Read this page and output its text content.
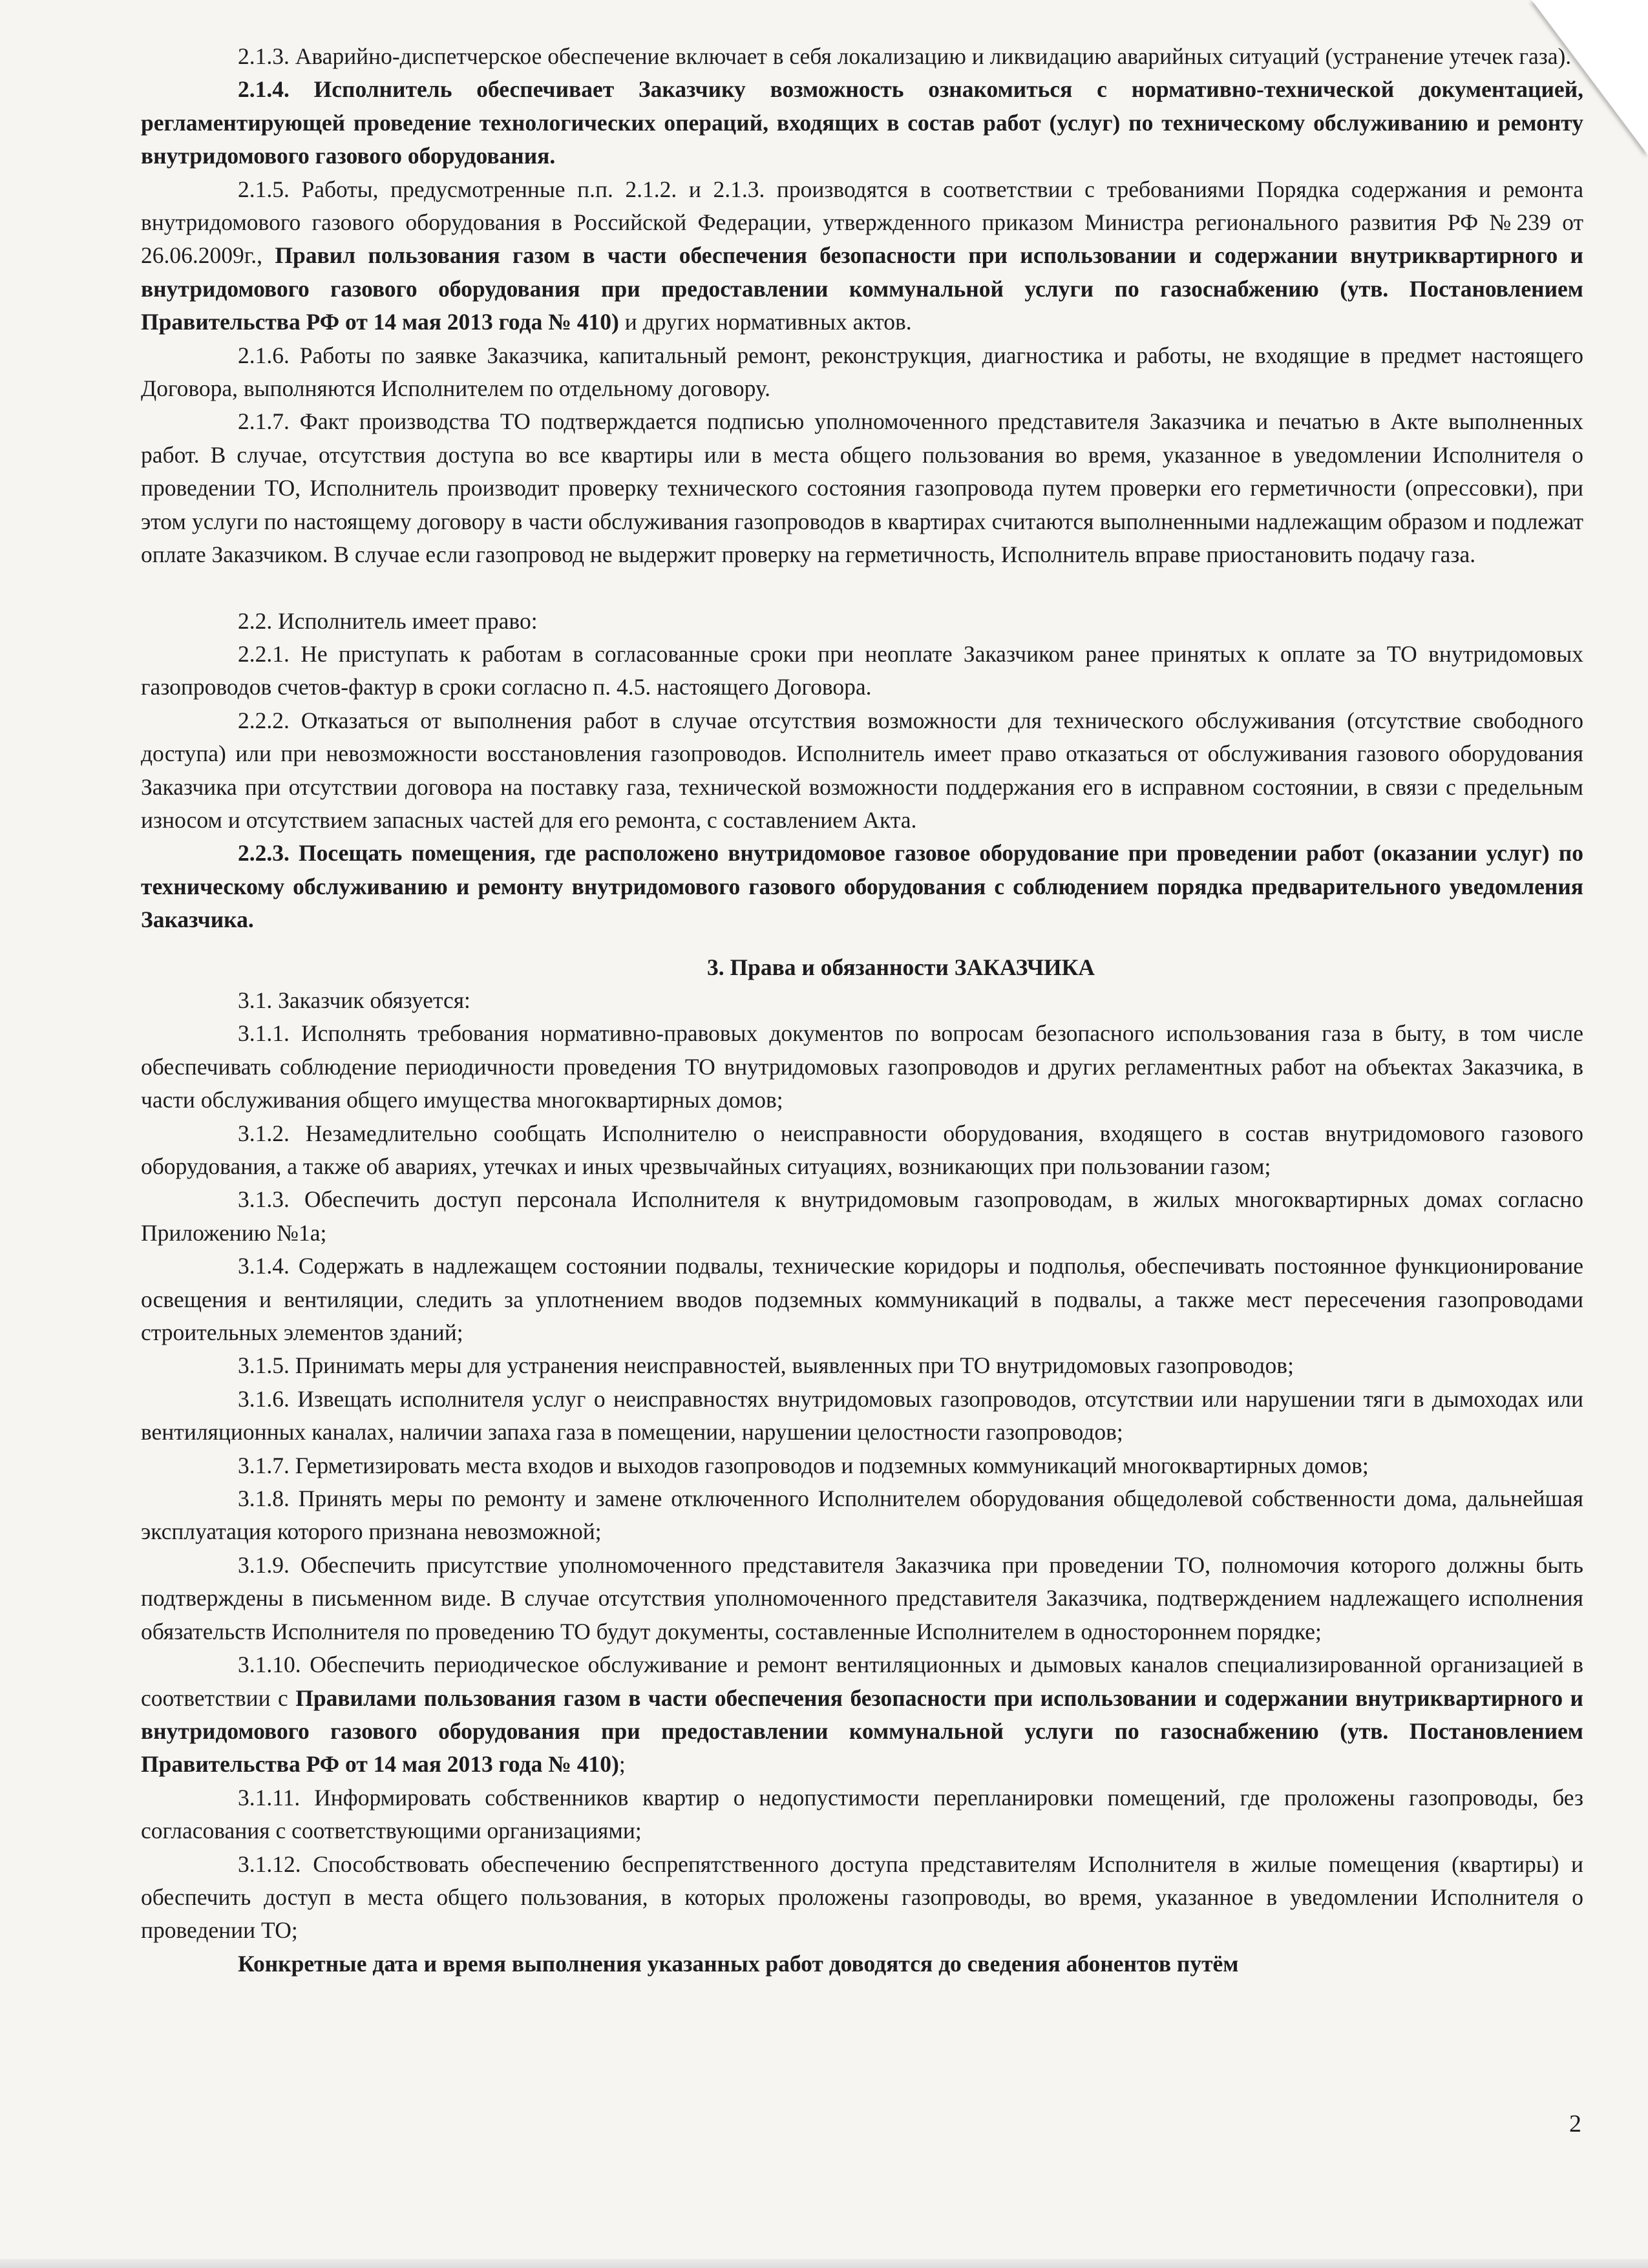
2.1.3. Аварийно-диспетчерское обеспечение включает в себя локализацию и ликвидацию аварийных ситуаций (устранение утечек газа).

2.1.4. Исполнитель обеспечивает Заказчику возможность ознакомиться с нормативно-технической документацией, регламентирующей проведение технологических операций, входящих в состав работ (услуг) по техническому обслуживанию и ремонту внутридомового газового оборудования.

2.1.5. Работы, предусмотренные п.п. 2.1.2. и 2.1.3. производятся в соответствии с требованиями Порядка содержания и ремонта внутридомового газового оборудования в Российской Федерации, утвержденного приказом Министра регионального развития РФ №239 от 26.06.2009г., Правил пользования газом в части обеспечения безопасности при использовании и содержании внутриквартирного и внутридомового газового оборудования при предоставлении коммунальной услуги по газоснабжению (утв. Постановлением Правительства РФ от 14 мая 2013 года № 410) и других нормативных актов.

2.1.6. Работы по заявке Заказчика, капитальный ремонт, реконструкция, диагностика и работы, не входящие в предмет настоящего Договора, выполняются Исполнителем по отдельному договору.

2.1.7. Факт производства ТО подтверждается подписью уполномоченного представителя Заказчика и печатью в Акте выполненных работ. В случае, отсутствия доступа во все квартиры или в места общего пользования во время, указанное в уведомлении Исполнителя о проведении ТО, Исполнитель производит проверку технического состояния газопровода путем проверки его герметичности (опрессовки), при этом услуги по настоящему договору в части обслуживания газопроводов в квартирах считаются выполненными надлежащим образом и подлежат оплате Заказчиком. В случае если газопровод не выдержит проверку на герметичность, Исполнитель вправе приостановить подачу газа.

2.2. Исполнитель имеет право:

2.2.1. Не приступать к работам в согласованные сроки при неоплате Заказчиком ранее принятых к оплате за ТО внутридомовых газопроводов счетов-фактур в сроки согласно п. 4.5. настоящего Договора.

2.2.2. Отказаться от выполнения работ в случае отсутствия возможности для технического обслуживания (отсутствие свободного доступа) или при невозможности восстановления газопроводов. Исполнитель имеет право отказаться от обслуживания газового оборудования Заказчика при отсутствии договора на поставку газа, технической возможности поддержания его в исправном состоянии, в связи с предельным износом и отсутствием запасных частей для его ремонта, с составлением Акта.

2.2.3. Посещать помещения, где расположено внутридомовое газовое оборудование при проведении работ (оказании услуг) по техническому обслуживанию и ремонту внутридомового газового оборудования с соблюдением порядка предварительного уведомления Заказчика.

3. Права и обязанности ЗАКАЗЧИКА

3.1. Заказчик обязуется:

3.1.1. Исполнять требования нормативно-правовых документов по вопросам безопасного использования газа в быту, в том числе обеспечивать соблюдение периодичности проведения ТО внутридомовых газопроводов и других регламентных работ на объектах Заказчика, в части обслуживания общего имущества многоквартирных домов;

3.1.2. Незамедлительно сообщать Исполнителю о неисправности оборудования, входящего в состав внутридомового газового оборудования, а также об авариях, утечках и иных чрезвычайных ситуациях, возникающих при пользовании газом;

3.1.3. Обеспечить доступ персонала Исполнителя к внутридомовым газопроводам, в жилых многоквартирных домах согласно Приложению №1а;

3.1.4. Содержать в надлежащем состоянии подвалы, технические коридоры и подполья, обеспечивать постоянное функционирование освещения и вентиляции, следить за уплотнением вводов подземных коммуникаций в подвалы, а также мест пересечения газопроводами строительных элементов зданий;

3.1.5. Принимать меры для устранения неисправностей, выявленных при ТО внутридомовых газопроводов;

3.1.6. Извещать исполнителя услуг о неисправностях внутридомовых газопроводов, отсутствии или нарушении тяги в дымоходах или вентиляционных каналах, наличии запаха газа в помещении, нарушении целостности газопроводов;

3.1.7. Герметизировать места входов и выходов газопроводов и подземных коммуникаций многоквартирных домов;

3.1.8. Принять меры по ремонту и замене отключенного Исполнителем оборудования общедолевой собственности дома, дальнейшая эксплуатация которого признана невозможной;

3.1.9. Обеспечить присутствие уполномоченного представителя Заказчика при проведении ТО, полномочия которого должны быть подтверждены в письменном виде. В случае отсутствия уполномоченного представителя Заказчика, подтверждением надлежащего исполнения обязательств Исполнителя по проведению ТО будут документы, составленные Исполнителем в одностороннем порядке;

3.1.10. Обеспечить периодическое обслуживание и ремонт вентиляционных и дымовых каналов специализированной организацией в соответствии с Правилами пользования газом в части обеспечения безопасности при использовании и содержании внутриквартирного и внутридомового газового оборудования при предоставлении коммунальной услуги по газоснабжению (утв. Постановлением Правительства РФ от 14 мая 2013 года № 410);

3.1.11. Информировать собственников квартир о недопустимости перепланировки помещений, где проложены газопроводы, без согласования с соответствующими организациями;

3.1.12. Способствовать обеспечению беспрепятственного доступа представителям Исполнителя в жилые помещения (квартиры) и обеспечить доступ в места общего пользования, в которых проложены газопроводы, во время, указанное в уведомлении Исполнителя о проведении ТО;

Конкретные дата и время выполнения указанных работ доводятся до сведения абонентов путём

2
